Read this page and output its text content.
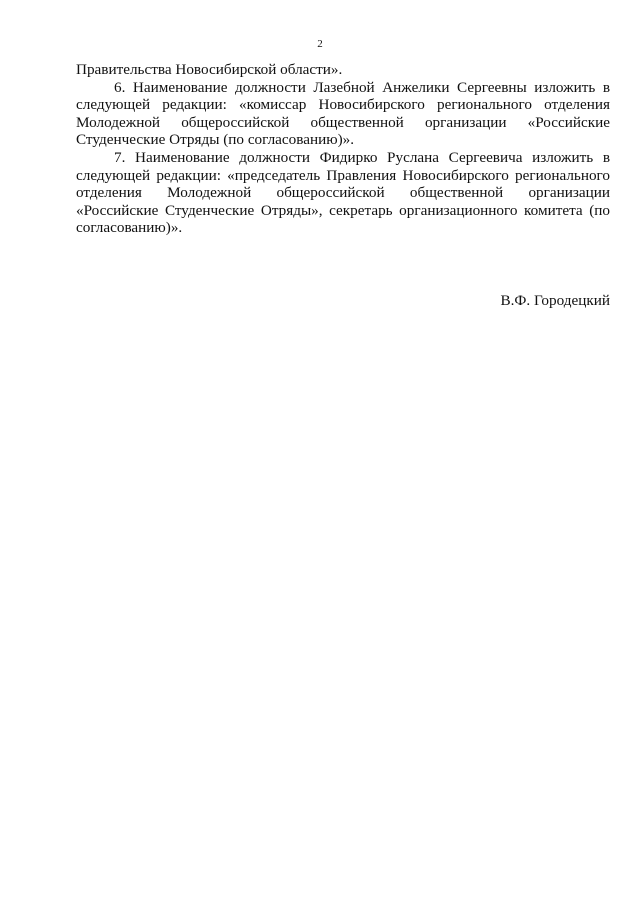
2

Правительства Новосибирской области».

6. Наименование должности Лазебной Анжелики Сергеевны изложить в следующей редакции: «комиссар Новосибирского регионального отделения Молодежной общероссийской общественной организации «Российские Студенческие Отряды (по согласованию)».

7. Наименование должности Фидирко Руслана Сергеевича изложить в следующей редакции: «председатель Правления Новосибирского регионального отделения Молодежной общероссийской общественной организации «Российские Студенческие Отряды», секретарь организационного комитета (по согласованию)».

В.Ф. Городецкий
